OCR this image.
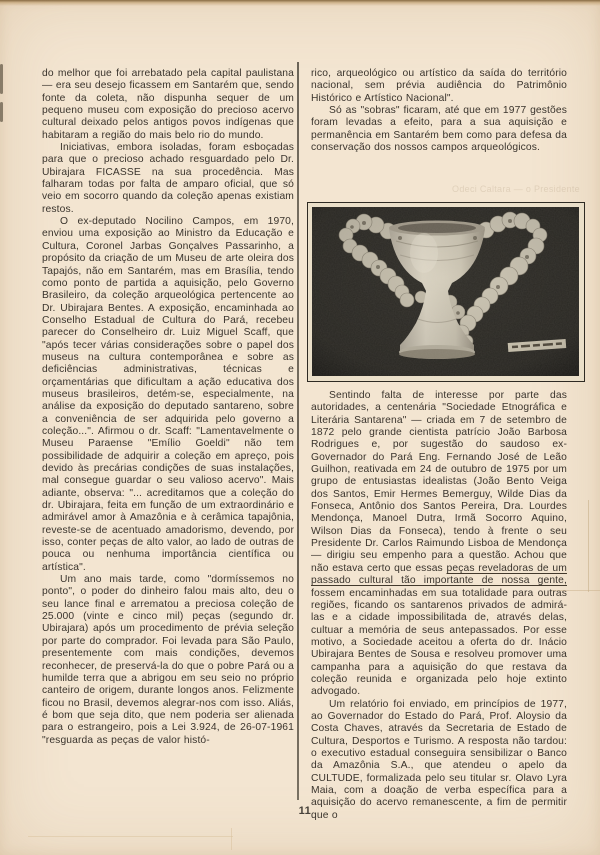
do melhor que foi arrebatado pela capital paulistana — era seu desejo ficassem em Santarém que, sendo fonte da coleta, não dispunha sequer de um pequeno museu com exposição do precioso acervo cultural deixado pelos antigos povos indígenas que habitaram a região do mais belo rio do mundo.

Iniciativas, embora isoladas, foram esboçadas para que o precioso achado resguardado pelo Dr. Ubirajara FICASSE na sua procedência. Mas falharam todas por falta de amparo oficial, que só veio em socorro quando da coleção apenas existiam restos.

O ex-deputado Nocilino Campos, em 1970, enviou uma exposição ao Ministro da Educação e Cultura, Coronel Jarbas Gonçalves Passarinho, a propósito da criação de um Museu de arte oleira dos Tapajós, não em Santarém, mas em Brasília, tendo como ponto de partida a aquisição, pelo Governo Brasileiro, da coleção arqueológica pertencente ao Dr. Ubirajara Bentes. A exposição, encaminhada ao Conselho Estadual de Cultura do Pará, recebeu parecer do Conselheiro dr. Luiz Miguel Scaff, que "após tecer várias considerações sobre o papel dos museus na cultura contemporânea e sobre as deficiências administrativas, técnicas e orçamentárias que dificultam a ação educativa dos museus brasileiros, detém-se, especialmente, na análise da exposição do deputado santareno, sobre a conveniência de ser adquirida pelo governo a coleção...". Afirmou o dr. Scaff: "Lamentavelmente o Museu Paraense "Emílio Goeldi" não tem possibilidade de adquirir a coleção em apreço, pois devido às precárias condições de suas instalações, mal consegue guardar o seu valioso acervo". Mais adiante, observa: "... acreditamos que a coleção do dr. Ubirajara, feita em função de um extraordinário e admirável amor à Amazônia e à cerâmica tapajônia, reveste-se de acentuado amadorismo, devendo, por isso, conter peças de alto valor, ao lado de outras de pouca ou nenhuma importância científica ou artística".

Um ano mais tarde, como "dormíssemos no ponto", o poder do dinheiro falou mais alto, deu o seu lance final e arrematou a preciosa coleção de 25.000 (vinte e cinco mil) peças (segundo dr. Ubirajara) após um procedimento de prévia seleção por parte do comprador. Foi levada para São Paulo, presentemente com mais condições, devemos reconhecer, de preservá-la do que o pobre Pará ou a humilde terra que a abrigou em seu seio no próprio canteiro de origem, durante longos anos. Felizmente ficou no Brasil, devemos alegrar-nos com isso. Aliás, é bom que seja dito, que nem poderia ser alienada para o estrangeiro, pois a Lei 3.924, de 26-07-1961 "resguarda as peças de valor histó-

rico, arqueológico ou artístico da saída do território nacional, sem prévia audiência do Patrimônio Histórico e Artístico Nacional".

Só as "sobras" ficaram, até que em 1977 gestões foram levadas a efeito, para a sua aquisição e permanência em Santarém bem como para defesa da conservação dos nossos campos arqueológicos.

Odeci Caltara — o Presidente

Sentindo falta de interesse por parte das autoridades, a centenária "Sociedade Etnográfica e Literária Santarena" — criada em 7 de setembro de 1872 pelo grande cientista patrício João Barbosa Rodrigues e, por sugestão do saudoso ex-Governador do Pará Eng. Fernando José de Leão Guilhon, reativada em 24 de outubro de 1975 por um grupo de entusiastas idealistas (João Bento Veiga dos Santos, Emir Hermes Bemerguy, Wilde Dias da Fonseca, Antônio dos Santos Pereira, Dra. Lourdes Mendonça, Manoel Dutra, Irmã Socorro Aquino, Wilson Dias da Fonseca), tendo à frente o seu Presidente Dr. Carlos Raimundo Lisboa de Mendonça — dirigiu seu empenho para a questão. Achou que não estava certo que essas peças reveladoras de um passado cultural tão importante de nossa gente, fossem encaminhadas em sua totalidade para outras regiões, ficando os santarenos privados de admirá-las e a cidade impossibilitada de, através delas, cultuar a memória de seus antepassados. Por esse motivo, a Sociedade aceitou a oferta do dr. Inácio Ubirajara Bentes de Sousa e resolveu promover uma campanha para a aquisição do que restava da coleção reunida e organizada pelo hoje extinto advogado.

Um relatório foi enviado, em princípios de 1977, ao Governador do Estado do Pará, Prof. Aloysio da Costa Chaves, através da Secretaria de Estado de Cultura, Desportos e Turismo. A resposta não tardou: o executivo estadual conseguira sensibilizar o Banco da Amazônia S.A., que atendeu o apelo da CULTUDE, formalizada pelo seu titular sr. Olavo Lyra Maia, com a doação de verba específica para a aquisição do acervo remanescente, a fim de permitir que o

11
